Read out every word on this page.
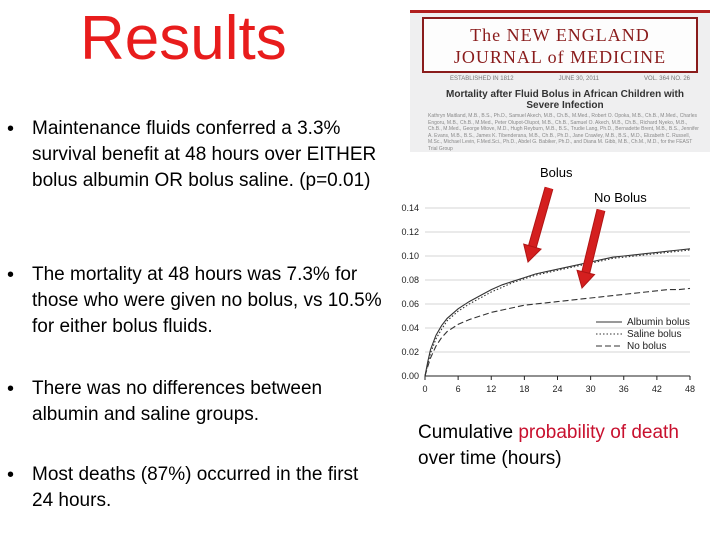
Results
• Maintenance fluids conferred a 3.3% survival benefit at 48 hours over EITHER bolus albumin OR bolus saline. (p=0.01)
• The mortality at 48 hours was 7.3% for those who were given no bolus, vs 10.5% for either bolus fluids.
• There was no differences between albumin and saline groups.
• Most deaths (87%) occurred in the first 24 hours.
The NEW ENGLAND
JOURNAL of MEDICINE
ESTABLISHED IN 1812	JUNE 30, 2011	VOL. 364 NO. 26
Mortality after Fluid Bolus in African Children with Severe Infection
Kathryn Maitland, M.B., B.S., Ph.D., Samuel Akech, M.B., Ch.B., M.Med., Robert O. Opoka, M.B., Ch.B., M.Med., Charles Engoru, M.B., Ch.B., M.Med., Peter Olupot-Olupot, M.B., Ch.B., Samuel O. Akech, M.B., Ch.B., Richard Nyeko, M.B., Ch.B., M.Med., George Mtove, M.D., Hugh Reyburn, M.B., B.S., Trudie Lang, Ph.D., Bernadette Brent, M.B., B.S., Jennifer A. Evans, M.B., B.S., James K. Tibenderana, M.B., Ch.B., Ph.D., Jane Crawley, M.B., B.S., M.D., Elizabeth C. Russell, M.Sc., Michael Levin, F.Med.Sci., Ph.D., Abdel G. Babiker, Ph.D., and Diana M. Gibb, M.B., Ch.M., M.D., for the FEAST Trial Group
Bolus
No Bolus
0.00
0.02
0.04
0.06
0.08
0.10
0.12
0.14
0	6	12	18	24	30	36	42	48
Albumin bolus
Saline bolus
No bolus
Cumulative probability of death over time (hours)
